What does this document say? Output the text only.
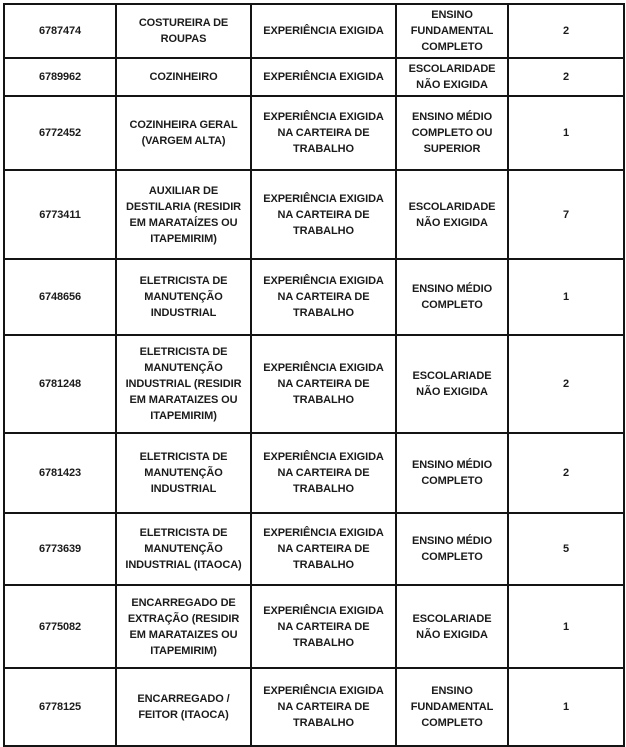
6787474	COSTUREIRA DE ROUPAS	EXPERIÊNCIA EXIGIDA	ENSINO FUNDAMENTAL COMPLETO	2
6789962	COZINHEIRO	EXPERIÊNCIA EXIGIDA	ESCOLARIDADE NÃO EXIGIDA	2
6772452	COZINHEIRA GERAL (VARGEM ALTA)	EXPERIÊNCIA EXIGIDA NA CARTEIRA DE TRABALHO	ENSINO MÉDIO COMPLETO OU SUPERIOR	1
6773411	AUXILIAR DE DESTILARIA (RESIDIR EM MARATAÍZES OU ITAPEMIRIM)	EXPERIÊNCIA EXIGIDA NA CARTEIRA DE TRABALHO	ESCOLARIDADE NÃO EXIGIDA	7
6748656	ELETRICISTA DE MANUTENÇÃO INDUSTRIAL	EXPERIÊNCIA EXIGIDA NA CARTEIRA DE TRABALHO	ENSINO MÉDIO COMPLETO	1
6781248	ELETRICISTA DE MANUTENÇÃO INDUSTRIAL (RESIDIR EM MARATAIZES OU ITAPEMIRIM)	EXPERIÊNCIA EXIGIDA NA CARTEIRA DE TRABALHO	ESCOLARIADE NÃO EXIGIDA	2
6781423	ELETRICISTA DE MANUTENÇÃO INDUSTRIAL	EXPERIÊNCIA EXIGIDA NA CARTEIRA DE TRABALHO	ENSINO MÉDIO COMPLETO	2
6773639	ELETRICISTA DE MANUTENÇÃO INDUSTRIAL (ITAOCA)	EXPERIÊNCIA EXIGIDA NA CARTEIRA DE TRABALHO	ENSINO MÉDIO COMPLETO	5
6775082	ENCARREGADO DE EXTRAÇÃO (RESIDIR EM MARATAIZES OU ITAPEMIRIM)	EXPERIÊNCIA EXIGIDA NA CARTEIRA DE TRABALHO	ESCOLARIADE NÃO EXIGIDA	1
6778125	ENCARREGADO / FEITOR (ITAOCA)	EXPERIÊNCIA EXIGIDA NA CARTEIRA DE TRABALHO	ENSINO FUNDAMENTAL COMPLETO	1
